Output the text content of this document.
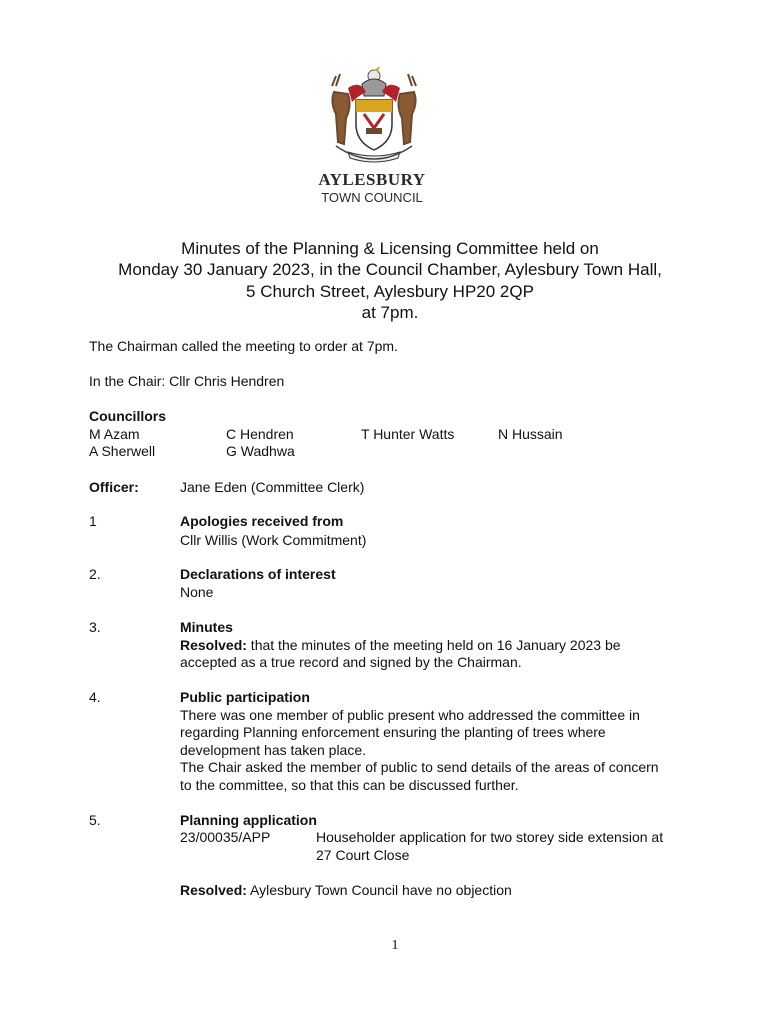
AYLESBURY
TOWN COUNCIL
Minutes of the Planning & Licensing Committee held on
Monday 30 January 2023, in the Council Chamber, Aylesbury Town Hall,
5 Church Street, Aylesbury HP20 2QP
at 7pm.
The Chairman called the meeting to order at 7pm.
In the Chair: Cllr Chris Hendren
Councillors
M Azam	C Hendren	T Hunter Watts	N Hussain
A Sherwell	G Wadhwa
Officer:	Jane Eden (Committee Clerk)
1	Apologies received from
Cllr Willis (Work Commitment)
2.	Declarations of interest
None
3.	Minutes
Resolved: that the minutes of the meeting held on 16 January 2023 be
accepted as a true record and signed by the Chairman.
4.	Public participation
There was one member of public present who addressed the committee in
regarding Planning enforcement ensuring the planting of trees where
development has taken place.
The Chair asked the member of public to send details of the areas of concern
to the committee, so that this can be discussed further.
5.	Planning application
23/00035/APP	Householder application for two storey side extension at
27 Court Close
Resolved: Aylesbury Town Council have no objection
1
